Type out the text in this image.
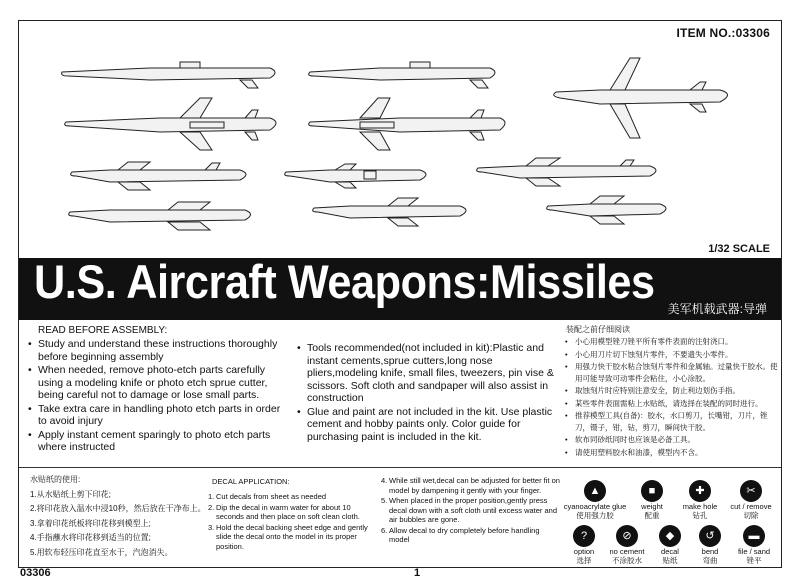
ITEM NO.:03306
1/32 SCALE
U.S. Aircraft Weapons:Missiles
美军机载武器:导弹
READ BEFORE ASSEMBLY:
• Study and understand these instructions thoroughly before beginning assembly
• When needed, remove photo-etch parts carefully using a modeling knife or photo etch sprue cutter, being careful not to damage or lose small parts.
• Take extra care in handling photo etch parts in order to avoid injury
• Apply instant cement sparingly to photo etch parts where instructed
• Tools recommended(not included in kit):Plastic and instant cements,sprue cutters,long nose pliers,modeling knife, small files, tweezers, pin vise & scissors. Soft cloth and sandpaper will also assist in construction
• Glue and paint are not included in the kit. Use plastic cement and hobby paints only. Color guide for purchasing paint is included in the kit.
装配之前仔细阅读
• 小心用模型锉刀锉平所有零件表面的注射浇口。
• 小心用刀片切下蚀刻片零件，不要遗失小零件。
• 用强力快干胶水粘合蚀刻片零件和金属轴。过量快干胶水。使用可能导致可动零件会粘住，小心涂胶。
• 取蚀刻片时应特别注意安全，防止利边划伤手指。
• 某些零件表面需粘上水贴纸，请选择在装配的同时进行。
• 推荐模型工具(自备)：胶水，水口剪刀，长嘴钳，刀片，锉刀，镊子，钳，钻，剪刀，瞬间快干胶。
• 软布同砂纸同时也应该是必备工具。
• 请使用塑料胶水和油漆，模型内不含。
水贴纸的使用:
1.从水贴纸上剪下印花;
2.将印花放入温水中浸10秒，然后放在干净布上。
3.拿着印花纸板将印花移到模型上;
4.手指蘸水将印花移到适当的位置;
5.用软布轻压印花直至水干，汽泡消失。
DECAL APPLICATION:
1. Cut decals from sheet as needed
2. Dip the decal in warm water for about 10 seconds and then place on soft clean cloth.
3. Hold the decal backing sheet edge and gently slide the decal onto the model in its proper position.
4. While still wet,decal can be adjusted for better fit on model by dampening it gently with your finger.
5. When placed in the proper position,gently press decal down with a soft cloth until excess water and air bubbles are gone.
6. Allow decal to dry completely before handling model
▲
cyanoacrylate glue
使用强力胶
■
weight
配重
✚
make hole
钻孔
✂
cut / remove
切除
?
option
选择
⊘
no cement
不涂胶水
◆
decal
贴纸
↺
bend
弯曲
▬
file / sand
锉平
03306	1
